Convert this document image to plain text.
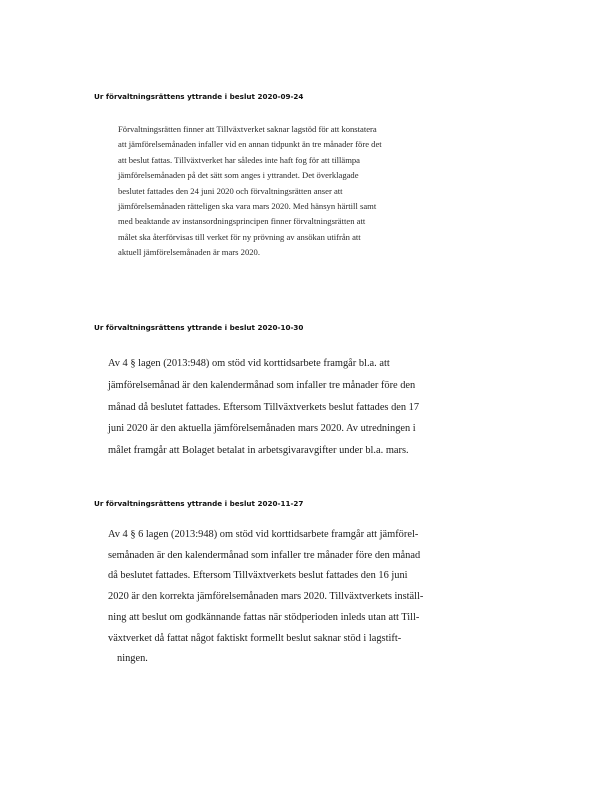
Ur förvaltningsrättens yttrande i beslut 2020-09-24

Förvaltningsrätten finner att Tillväxtverket saknar lagstöd för att konstatera
att jämförelsemånaden infaller vid en annan tidpunkt än tre månader före det
att beslut fattas. Tillväxtverket har således inte haft fog för att tillämpa
jämförelsemånaden på det sätt som anges i yttrandet. Det överklagade
beslutet fattades den 24 juni 2020 och förvaltningsrätten anser att
jämförelsemånaden rätteligen ska vara mars 2020. Med hänsyn härtill samt
med beaktande av instansordningsprincipen finner förvaltningsrätten att
målet ska återförvisas till verket för ny prövning av ansökan utifrån att
aktuell jämförelsemånaden är mars 2020.

Ur förvaltningsrättens yttrande i beslut 2020-10-30

Av 4 § lagen (2013:948) om stöd vid korttidsarbete framgår bl.a. att
jämförelsemånad är den kalendermånad som infaller tre månader före den
månad då beslutet fattades. Eftersom Tillväxtverkets beslut fattades den 17
juni 2020 är den aktuella jämförelsemånaden mars 2020. Av utredningen i
målet framgår att Bolaget betalat in arbetsgivaravgifter under bl.a. mars.

Ur förvaltningsrättens yttrande i beslut 2020-11-27

Av 4 § 6 lagen (2013:948) om stöd vid korttidsarbete framgår att jämförel-
semånaden är den kalendermånad som infaller tre månader före den månad
då beslutet fattades. Eftersom Tillväxtverkets beslut fattades den 16 juni
2020 är den korrekta jämförelsemånaden mars 2020. Tillväxtverkets inställ-
ning att beslut om godkännande fattas när stödperioden inleds utan att Till-
växtverket då fattat något faktiskt formellt beslut saknar stöd i lagstift-
ningen.
